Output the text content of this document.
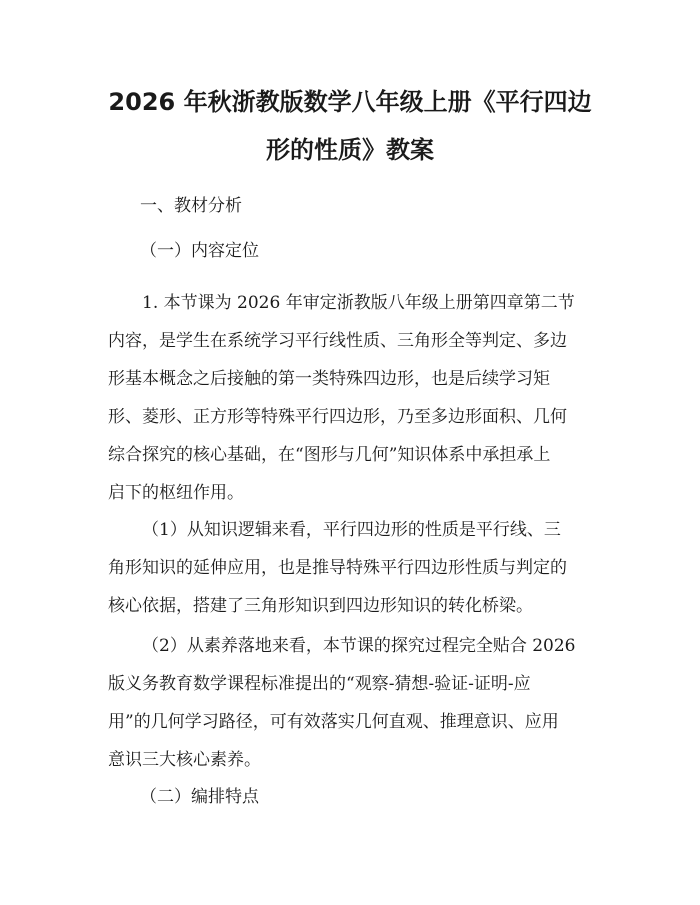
2026 年秋浙教版数学八年级上册《平行四边
形的性质》教案

一、教材分析

（一）内容定位

1. 本节课为 2026 年审定浙教版八年级上册第四章第二节
内容，是学生在系统学习平行线性质、三角形全等判定、多边
形基本概念之后接触的第一类特殊四边形，也是后续学习矩
形、菱形、正方形等特殊平行四边形，乃至多边形面积、几何
综合探究的核心基础，在“图形与几何”知识体系中承担承上
启下的枢纽作用。

（1）从知识逻辑来看，平行四边形的性质是平行线、三
角形知识的延伸应用，也是推导特殊平行四边形性质与判定的
核心依据，搭建了三角形知识到四边形知识的转化桥梁。

（2）从素养落地来看，本节课的探究过程完全贴合 2026
版义务教育数学课程标准提出的“观察-猜想-验证-证明-应
用”的几何学习路径，可有效落实几何直观、推理意识、应用
意识三大核心素养。

（二）编排特点
